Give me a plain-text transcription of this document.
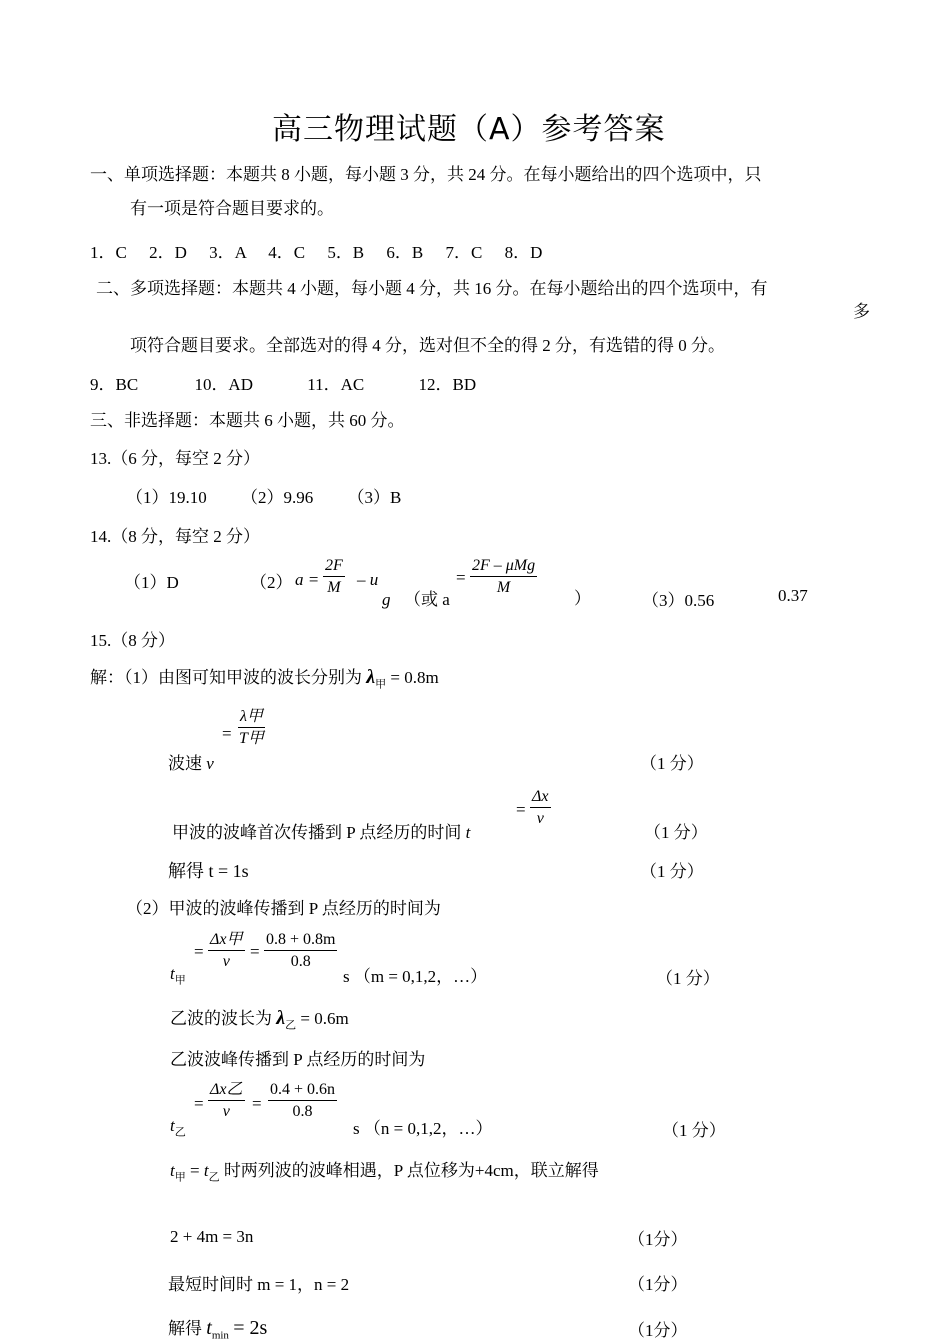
高三物理试题（A）参考答案
一、单项选择题：本题共 8 小题，每小题 3 分，共 24 分。在每小题给出的四个选项中，只
有一项是符合题目要求的。
1．C 2．D 3．A 4．C 5．B 6．B 7．C 8．D
二、多项选择题：本题共 4 小题，每小题 4 分，共 16 分。在每小题给出的四个选项中，有
多
项符合题目要求。全部选对的得 4 分，选对但不全的得 2 分，有选错的得 0 分。
9．BC	10．AD	11．AC	12．BD
三、非选择题：本题共 6 小题，共 60 分。
13.（6 分，每空 2 分）
（1）19.10 （2）9.96 （3）B
14.（8 分，每空 2 分）
（1）D	（2） $a = \frac{2F}{M} - u$
g （或 a
=
2F – μMg
M
）	（3）0.56	0.37
15.（8 分）
解：（1）由图可知甲波的波长分别为 $\lambda_甲 = 0.8m$
波速 v
=
λ甲
T甲
（1 分）
甲波的波峰首次传播到 P 点经历的时间 t
= $\frac{\Delta x}{v}$
（1 分）
解得 t = 1s	（1 分）
（2）甲波的波峰传播到 P 点经历的时间为
$t_甲$
=
Δx甲
v
= $\frac{0.8 + 0.8m}{0.8}$
s （m = 0,1,2，…）	（1 分）
乙波的波长为 $\lambda_乙 = 0.6m$
乙波波峰传播到 P 点经历的时间为
$t_乙$
=
Δx乙
v	= $\frac{0.4 + 0.6n}{0.8}$
s （n = 0,1,2，…）	（1 分）
$t_甲 = t_乙$ 时两列波的波峰相遇，P 点位移为+4cm，联立解得
2 + 4m = 3n	（1分）
最短时间时 m = 1，n = 2	（1分）
解得 $t_{min} = 2s$	（1分）
